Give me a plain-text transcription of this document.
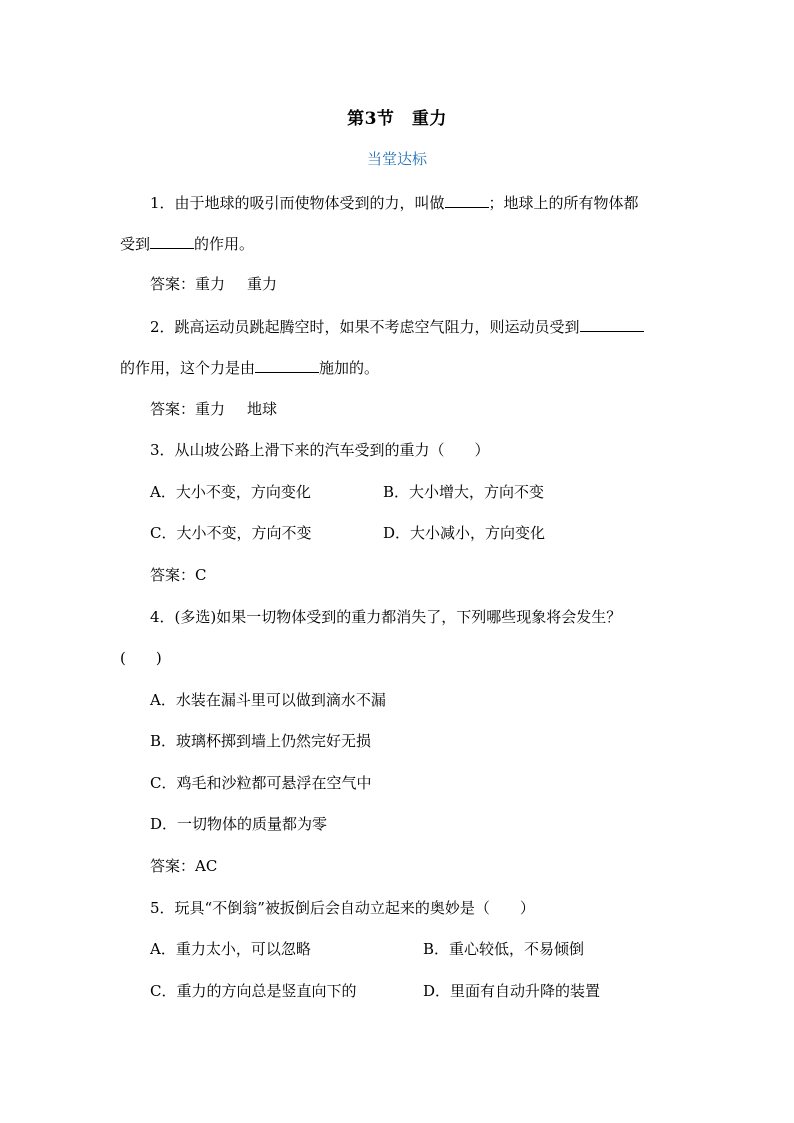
第3节　重力
当堂达标
1．由于地球的吸引而使物体受到的力，叫做	；地球上的所有物体都
受到	的作用。
答案：重力 重力
2．跳高运动员跳起腾空时，如果不考虑空气阻力，则运动员受到
的作用，这个力是由	施加的。
答案：重力 地球
3．从山坡公路上滑下来的汽车受到的重力（　　）
A．大小不变，方向变化	B．大小增大，方向不变
C．大小不变，方向不变	D．大小减小，方向变化
答案：C
4．(多选)如果一切物体受到的重力都消失了，下列哪些现象将会发生？
(　　)
A．水装在漏斗里可以做到滴水不漏
B．玻璃杯掷到墙上仍然完好无损
C．鸡毛和沙粒都可悬浮在空气中
D．一切物体的质量都为零
答案：AC
5．玩具“不倒翁”被扳倒后会自动立起来的奥妙是（　　）
A．重力太小，可以忽略	B．重心较低，不易倾倒
C．重力的方向总是竖直向下的	D．里面有自动升降的装置
